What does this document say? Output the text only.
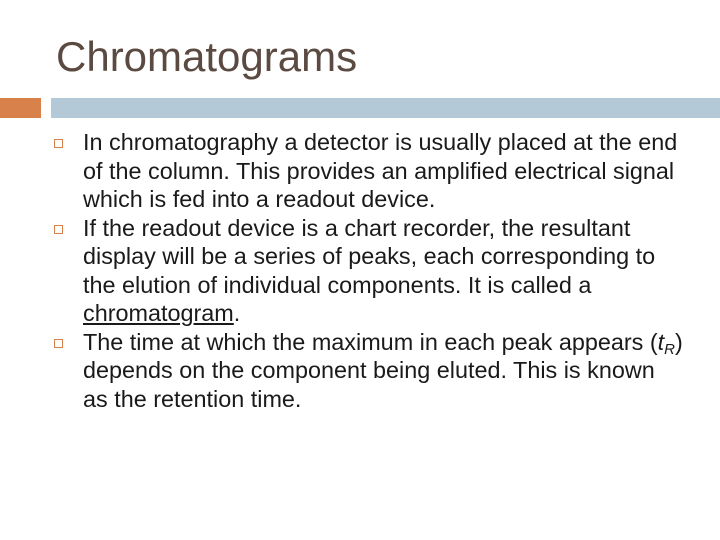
Chromatograms
In chromatography a detector is usually placed at the end of the column. This provides an amplified electrical signal which is fed into a readout device.
If the readout device is a chart recorder, the resultant display will be a series of peaks, each corresponding to the elution of individual components. It is called a chromatogram.
The time at which the maximum in each peak appears $(t_R)$ depends on the component being eluted. This is known as the retention time.
